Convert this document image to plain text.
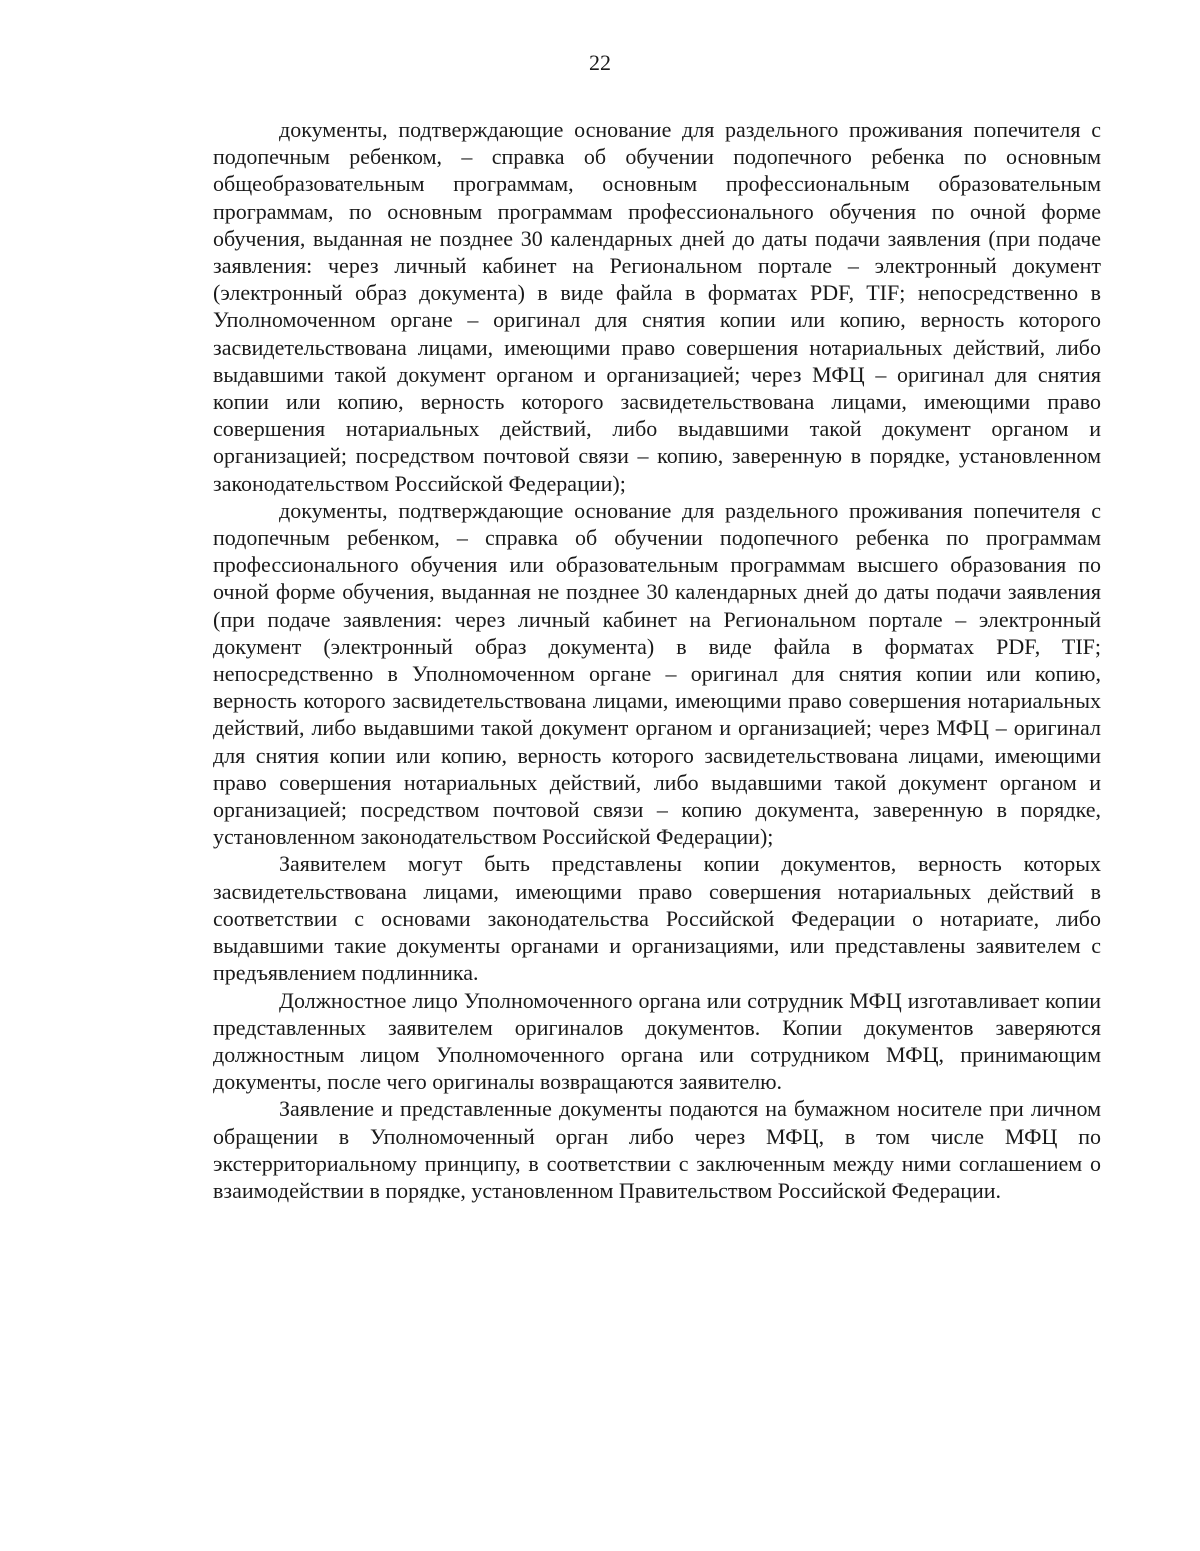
22

документы, подтверждающие основание для раздельного проживания попечителя с подопечным ребенком, – справка об обучении подопечного ребенка по основным общеобразовательным программам, основным профессиональным образовательным программам, по основным программам профессионального обучения по очной форме обучения, выданная не позднее 30 календарных дней до даты подачи заявления (при подаче заявления: через личный кабинет на Региональном портале – электронный документ (электронный образ документа) в виде файла в форматах PDF, TIF; непосредственно в Уполномоченном органе – оригинал для снятия копии или копию, верность которого засвидетельствована лицами, имеющими право совершения нотариальных действий, либо выдавшими такой документ органом и организацией; через МФЦ – оригинал для снятия копии или копию, верность которого засвидетельствована лицами, имеющими право совершения нотариальных действий, либо выдавшими такой документ органом и организацией; посредством почтовой связи – копию, заверенную в порядке, установленном законодательством Российской Федерации);

документы, подтверждающие основание для раздельного проживания попечителя с подопечным ребенком, – справка об обучении подопечного ребенка по программам профессионального обучения или образовательным программам высшего образования по очной форме обучения, выданная не позднее 30 календарных дней до даты подачи заявления (при подаче заявления: через личный кабинет на Региональном портале – электронный документ (электронный образ документа) в виде файла в форматах PDF, TIF; непосредственно в Уполномоченном органе – оригинал для снятия копии или копию, верность которого засвидетельствована лицами, имеющими право совершения нотариальных действий, либо выдавшими такой документ органом и организацией; через МФЦ – оригинал для снятия копии или копию, верность которого засвидетельствована лицами, имеющими право совершения нотариальных действий, либо выдавшими такой документ органом и организацией; посредством почтовой связи – копию документа, заверенную в порядке, установленном законодательством Российской Федерации);

Заявителем могут быть представлены копии документов, верность которых засвидетельствована лицами, имеющими право совершения нотариальных действий в соответствии с основами законодательства Российской Федерации о нотариате, либо выдавшими такие документы органами и организациями, или представлены заявителем с предъявлением подлинника.

Должностное лицо Уполномоченного органа или сотрудник МФЦ изготавливает копии представленных заявителем оригиналов документов. Копии документов заверяются должностным лицом Уполномоченного органа или сотрудником МФЦ, принимающим документы, после чего оригиналы возвращаются заявителю.

Заявление и представленные документы подаются на бумажном носителе при личном обращении в Уполномоченный орган либо через МФЦ, в том числе МФЦ по экстерриториальному принципу, в соответствии с заключенным между ними соглашением о взаимодействии в порядке, установленном Правительством Российской Федерации.
